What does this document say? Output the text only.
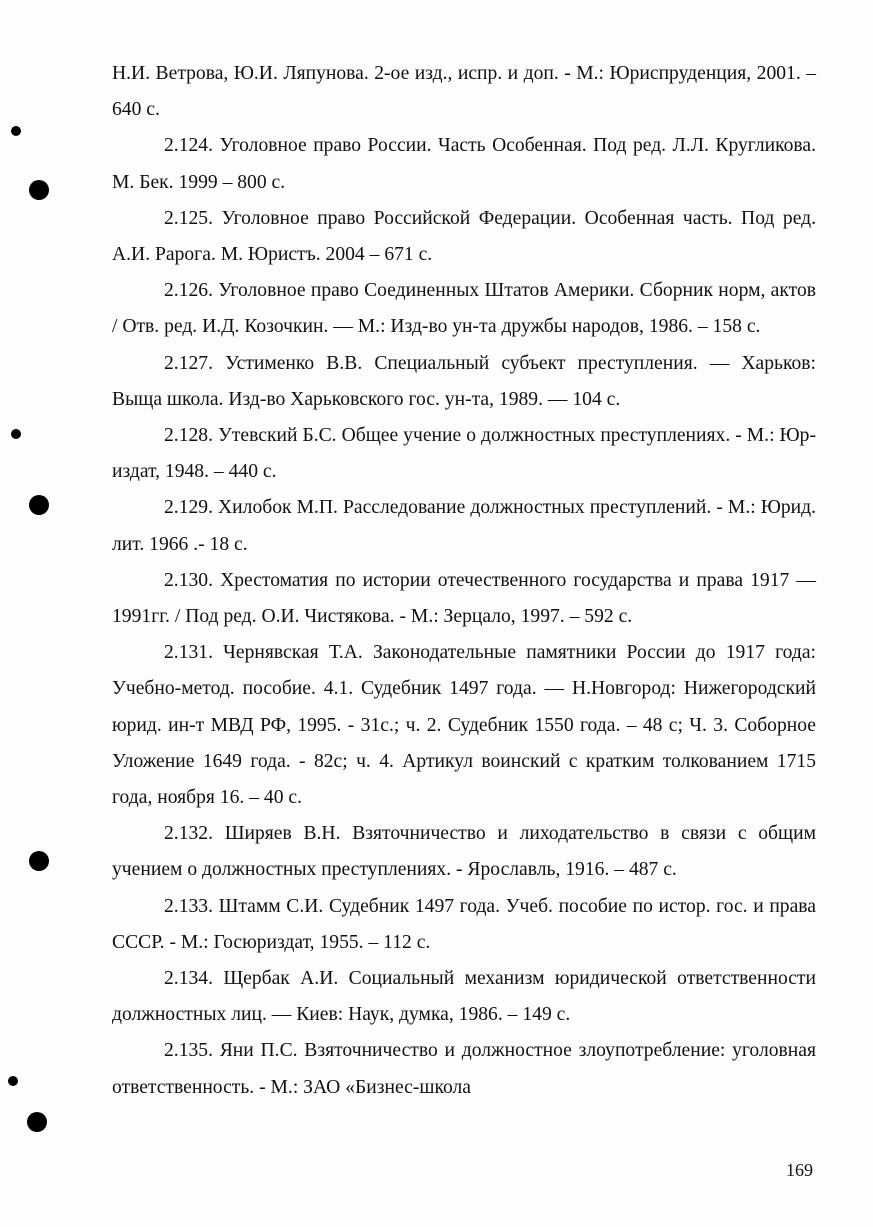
Н.И. Ветрова, Ю.И. Ляпунова. 2-ое изд., испр. и доп. - М.: Юриспруденция, 2001. – 640 с.

2.124. Уголовное право России. Часть Особенная. Под ред. Л.Л. Кругликова. М. Бек. 1999 – 800 с.

2.125. Уголовное право Российской Федерации. Особенная часть. Под ред. А.И. Рарога. М. Юристъ. 2004 – 671 с.

2.126. Уголовное право Соединенных Штатов Америки. Сборник норм, актов / Отв. ред. И.Д. Козочкин. — М.: Изд-во ун-та дружбы народов, 1986. – 158 с.

2.127. Устименко В.В. Специальный субъект преступления. — Харьков: Выща школа. Изд-во Харьковского гос. ун-та, 1989. — 104 с.

2.128. Утевский Б.С. Общее учение о должностных преступлениях. - М.: Юр-издат, 1948. – 440 с.

2.129. Хилобок М.П. Расследование должностных преступлений. - М.: Юрид. лит. 1966 .- 18 с.

2.130. Хрестоматия по истории отечественного государства и права 1917 — 1991гг. / Под ред. О.И. Чистякова. - М.: Зерцало, 1997. – 592 с.

2.131. Чернявская Т.А. Законодательные памятники России до 1917 года: Учебно-метод. пособие. 4.1. Судебник 1497 года. — Н.Новгород: Нижегородский юрид. ин-т МВД РФ, 1995. - 31с.; ч. 2. Судебник 1550 года. – 48 с; Ч. 3. Соборное Уложение 1649 года. - 82с; ч. 4. Артикул воинский с кратким толкованием 1715 года, ноября 16. – 40 с.

2.132. Ширяев В.Н. Взяточничество и лиходательство в связи с общим учением о должностных преступлениях. - Ярославль, 1916. – 487 с.

2.133. Штамм С.И. Судебник 1497 года. Учеб. пособие по истор. гос. и права СССР. - М.: Госюриздат, 1955. – 112 с.

2.134. Щербак А.И. Социальный механизм юридической ответственности должностных лиц. — Киев: Наук, думка, 1986. – 149 с.

2.135. Яни П.С. Взяточничество и должностное злоупотребление: уголовная ответственность. - М.: ЗАО «Бизнес-школа

169
